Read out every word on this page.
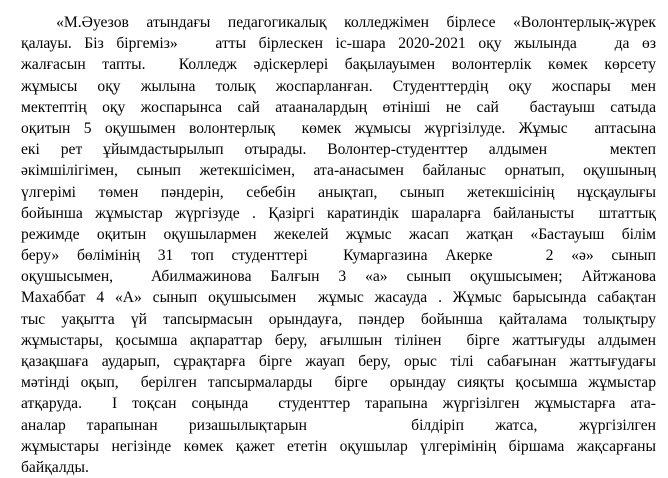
«М.Әуезов атындағы педагогикалық колледжімен бірлесе «Волонтерлық-жүрек
қалауы. Біз біргеміз»   атты бірлескен іс-шара 2020-2021 оқу жылында   да өз
жалғасын тапты.  Колледж әдіскерлері бақылауымен волонтерлік көмек көрсету
жұмысы оқу жылына толық жоспарланған. Студенттердің оқу жоспары мен
мектептің оқу жоспарынса сай атааналардың өтініші не сай  бастауыш сатыда
оқитын 5 оқушымен волонтерлық  көмек жұмысы жүргізілуде. Жұмыс  аптасына
екі рет ұйымдастырылып отырады. Волонтер-студенттер алдымен   мектеп
әкімшілігімен, сынып жетекшісімен, ата-анасымен байланыс орнатып, оқушының
үлгерімі төмен пәндерін, себебін анықтап, сынып жетекшісінің нұсқаулығы
бойынша жұмыстар жүргізуде . Қазіргі каратиндік шараларға байланысты  штаттық
режимде оқитын оқушылармен жекелей жұмыс жасап жатқан «Бастауыш білім
беру» бөлімінің 31 топ студенттері  Кумаргазина Акерке   2 «ә» сынып
оқушысымен,  Абилмажинова Балғын 3 «а» сынып оқушысымен; Айтжанова
Махаббат 4 «А» сынып оқушысымен  жұмыс жасауда . Жұмыс барысында сабақтан
тыс уақытта үй тапсырмасын орындауға, пәндер бойынша қайталама толықтыру
жұмыстары, қосымша ақпараттар беру, ағылшын тілінен  бірге жаттығуды алдымен
қазақшаға аударып, сұрақтарға бірге жауап беру, орыс тілі сабағынан жаттығудағы
мәтінді оқып,  берілген тапсырмаларды  бірге  орындау сияқты қосымша жұмыстар
атқаруда.  І тоқсан соңында  студенттер тарапына жүргізілген жұмыстарға ата-
аналар  тарапынан   ризашылықтарын          білдіріп   жатса,    жүргізілген
жұмыстары негізінде көмек қажет ететін оқушылар үлгерімінің біршама жақсарғаны
байқалды.
